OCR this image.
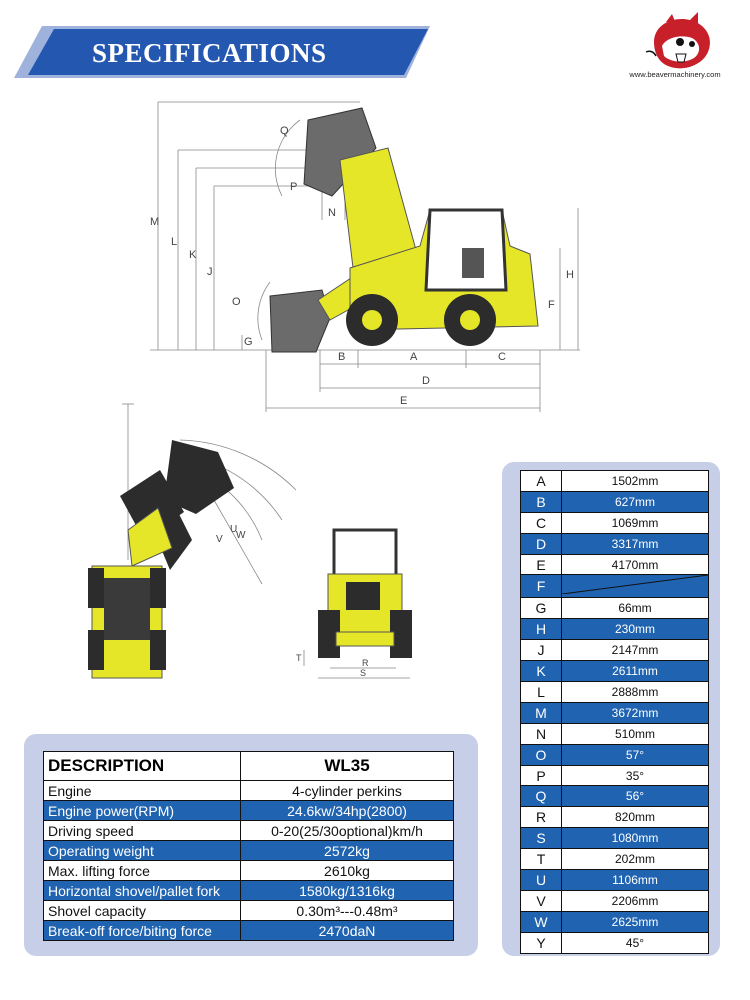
SPECIFICATIONS
www.beavermachinery.com
M
L
K
J
Q
P
N
O
G
B	A	C
D
E
F
H
U
V W
T	R
S
A	1502mm
B	627mm
C	1069mm
D	3317mm
E	4170mm
F	
G	66mm
H	230mm
J	2147mm
K	2611mm
L	2888mm
M	3672mm
N	510mm
O	57°
P	35°
Q	56°
R	820mm
S	1080mm
T	202mm
U	1106mm
V	2206mm
W	2625mm
Y	45°
DESCRIPTION	WL35
Engine	4-cylinder perkins
Engine power(RPM)	24.6kw/34hp(2800)
Driving speed	0-20(25/30optional)km/h
Operating weight	2572kg
Max. lifting force	2610kg
Horizontal shovel/pallet fork	1580kg/1316kg
Shovel capacity	0.30m³---0.48m³
Break-off force/biting force	2470daN
